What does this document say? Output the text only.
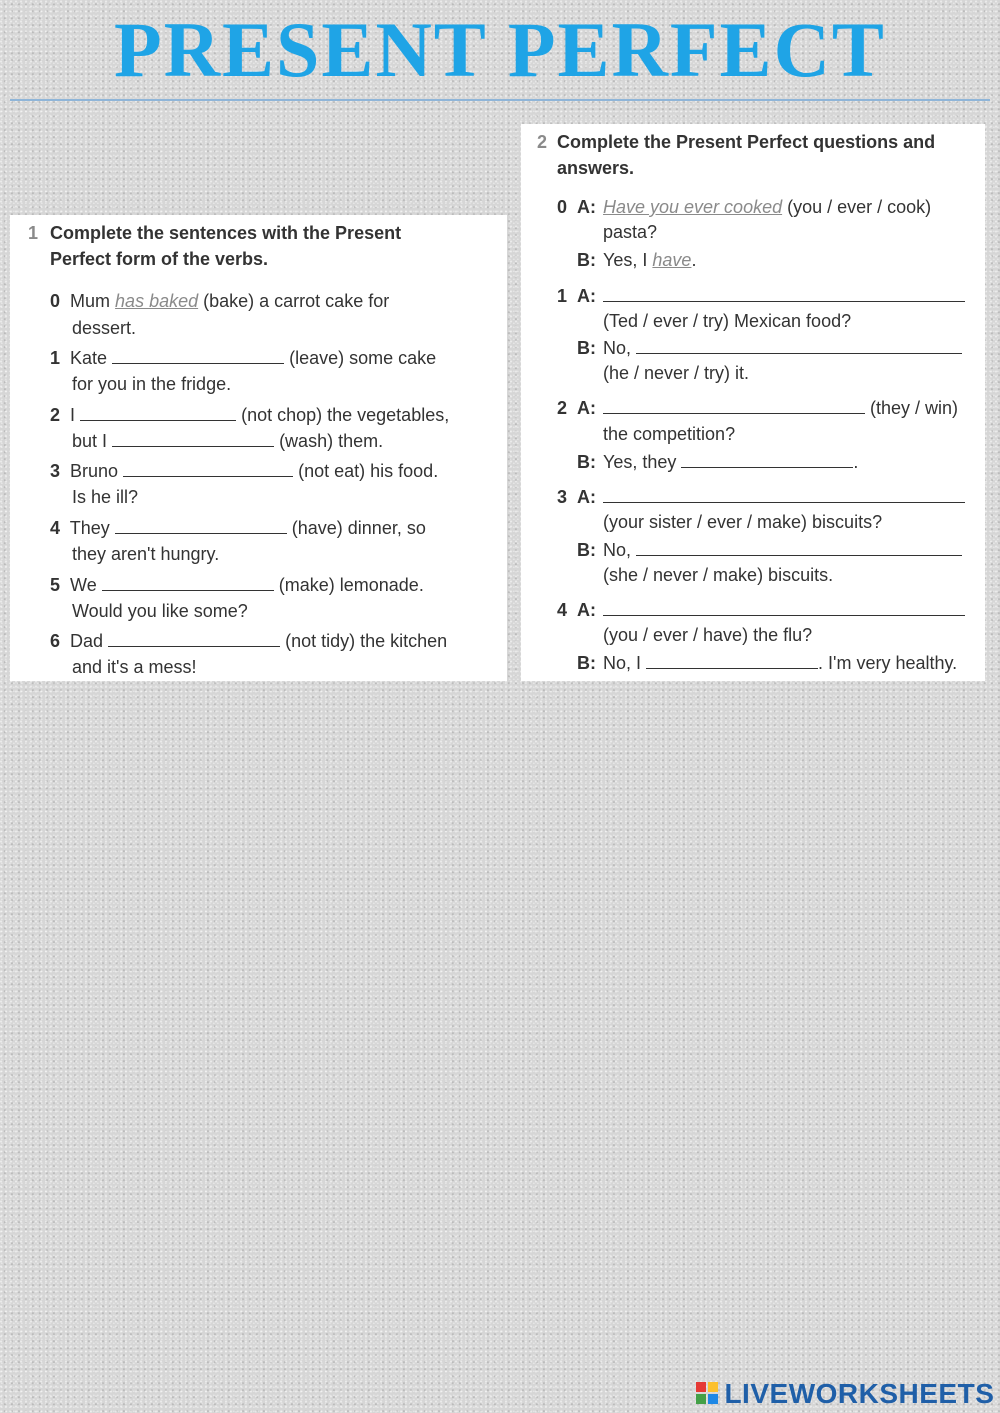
PRESENT PERFECT
1 Complete the sentences with the Present
Perfect form of the verbs.
0 Mum has baked (bake) a carrot cake for
dessert.
1 Kate	(leave) some cake
for you in the fridge.
2 I	(not chop) the vegetables,
but I	(wash) them.
3 Bruno	(not eat) his food.
Is he ill?
4 They	(have) dinner, so
they aren't hungry.
5 We	(make) lemonade.
Would you like some?
6 Dad	(not tidy) the kitchen
and it's a mess!
2 Complete the Present Perfect questions and
answers.
0 A: Have you ever cooked (you / ever / cook)
pasta?
B: Yes, I have.
1 A:
(Ted / ever / try) Mexican food?
B: No,
(he / never / try) it.
2 A:	(they / win)
the competition?
B: Yes, they	.
3 A:
(your sister / ever / make) biscuits?
B: No,
(she / never / make) biscuits.
4 A:
(you / ever / have) the flu?
B: No, I	. I'm very healthy.
LIVEWORKSHEETS
